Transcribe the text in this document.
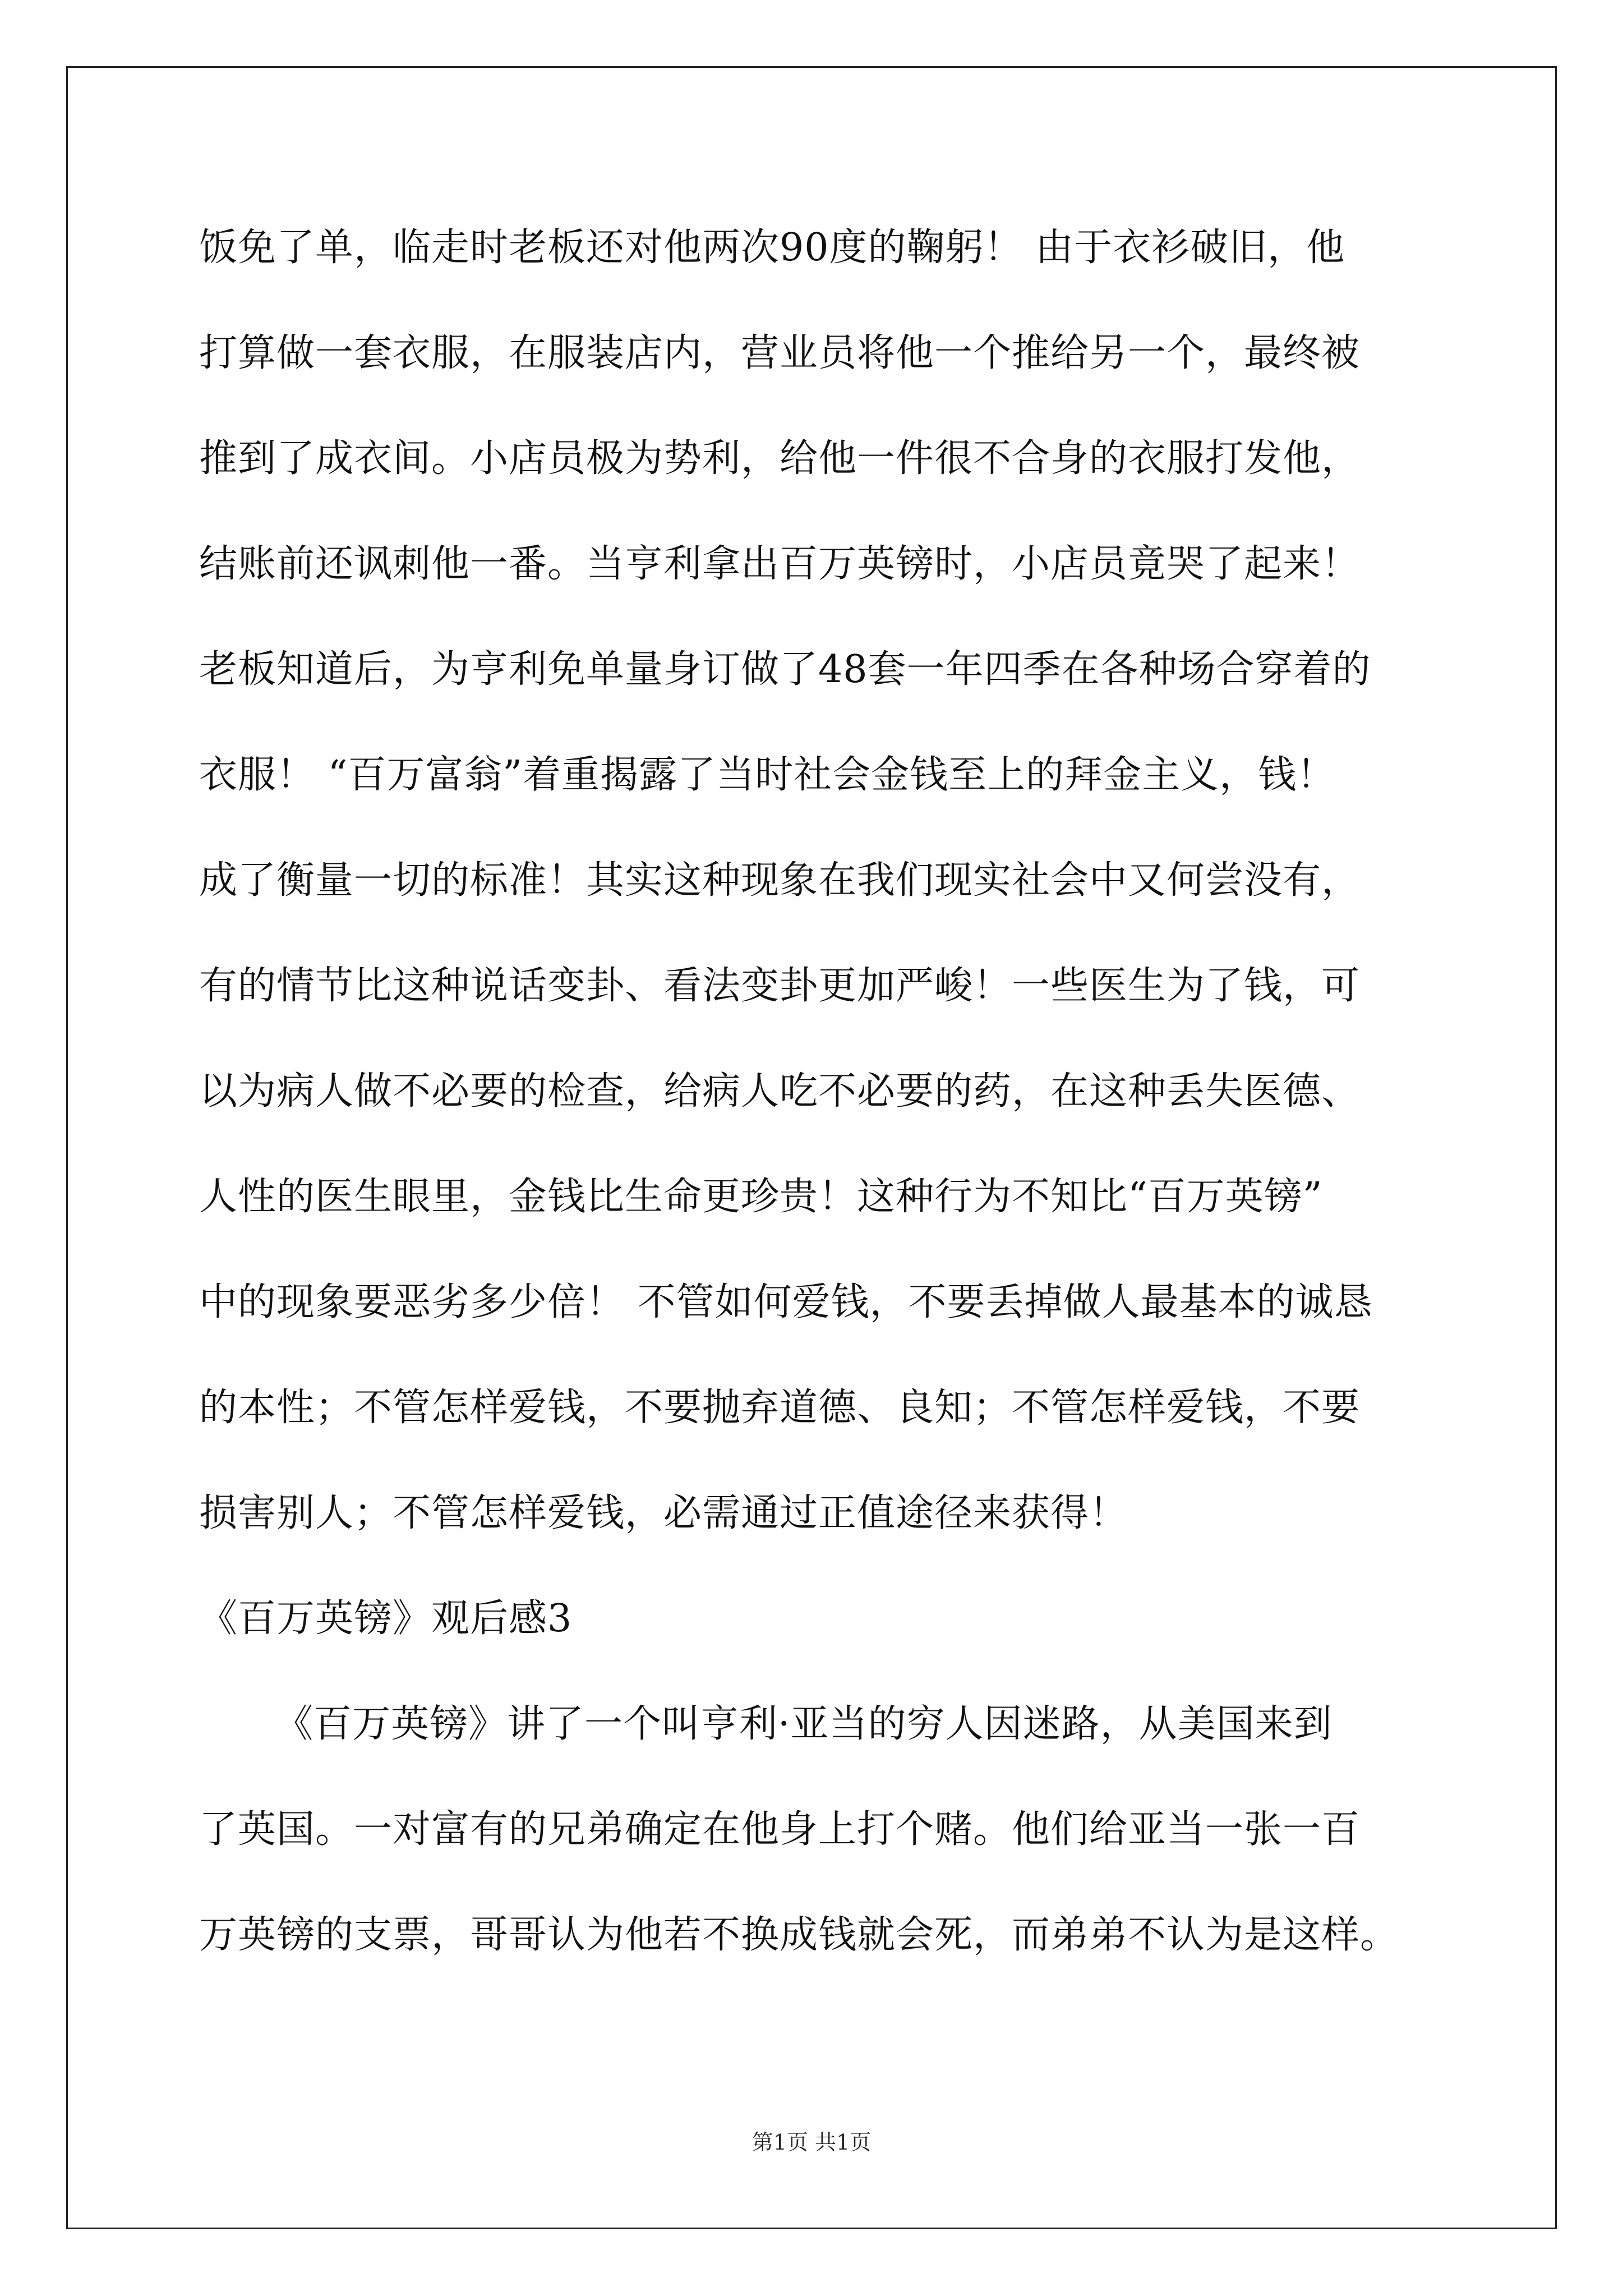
饭免了单，临走时老板还对他两次90度的鞠躬！ 由于衣衫破旧，他
打算做一套衣服，在服装店内，营业员将他一个推给另一个，最终被
推到了成衣间。小店员极为势利，给他一件很不合身的衣服打发他，
结账前还讽刺他一番。当亨利拿出百万英镑时，小店员竟哭了起来！
老板知道后，为亨利免单量身订做了48套一年四季在各种场合穿着的
衣服！ “百万富翁”着重揭露了当时社会金钱至上的拜金主义，钱！
成了衡量一切的标准！其实这种现象在我们现实社会中又何尝没有，
有的情节比这种说话变卦、看法变卦更加严峻！一些医生为了钱，可
以为病人做不必要的检查，给病人吃不必要的药，在这种丢失医德、
人性的医生眼里，金钱比生命更珍贵！这种行为不知比“百万英镑”
中的现象要恶劣多少倍！ 不管如何爱钱，不要丢掉做人最基本的诚恳
的本性；不管怎样爱钱，不要抛弃道德、良知；不管怎样爱钱，不要
损害别人；不管怎样爱钱，必需通过正值途径来获得！
《百万英镑》观后感3
《百万英镑》讲了一个叫亨利·亚当的穷人因迷路，从美国来到
了英国。一对富有的兄弟确定在他身上打个赌。他们给亚当一张一百
万英镑的支票，哥哥认为他若不换成钱就会死，而弟弟不认为是这样。
第1页 共1页
